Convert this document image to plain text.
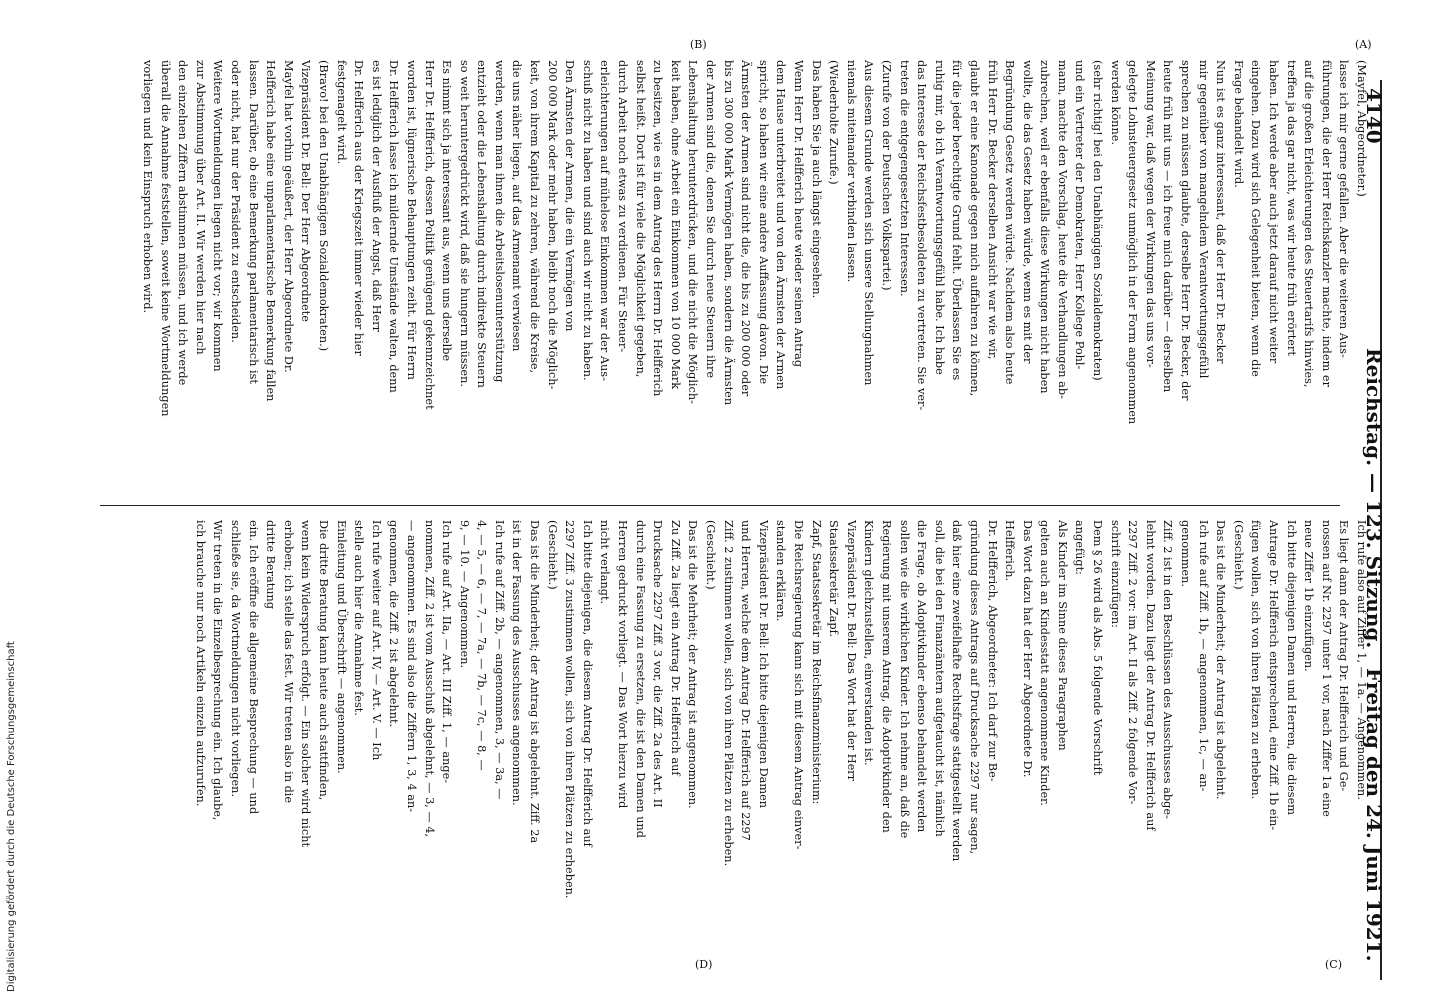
4140
Reichstag. — 123. Sitzung.
Freitag den 24. Juni 1921.

(Mayfel, Abgeordneter.)

lasse ich mir gerne gefallen. Aber die weiteren Aus-

führungen, die der Herr Reichskanzler machte, indem er

auf die großen Erleichterungen des Steuertarifs hinwies,

treffen ja das gar nicht, was wir heute früh erörtert

haben. Ich werde aber auch jetzt darauf nicht weiter

eingehen. Dazu wird sich Gelegenheit bieten, wenn die

Frage behandelt wird.

Nun ist es ganz interessant, daß der Herr Dr. Becker

mir gegenüber von mangelndem Verantwortungsgefühl

sprechen zu müssen glaubte, derselbe Herr Dr. Becker, der

heute früh mit uns — ich freue mich darüber — derselben

Meinung war, daß wegen der Wirkungen das uns vor-

gelegte Lohnsteuergesetz unmöglich in der Form angenommen

werden könne.

(sehr richtig! bei den Unabhängigen Sozialdemokraten)

und ein Vertreter der Demokraten, Herr Kollege Pohl-

mann, machte den Vorschlag, heute die Verhandlungen ab-

zubrechen, weil er ebenfalls diese Wirkungen nicht haben

wollte, die das Gesetz haben würde, wenn es mit der

Begründung Gesetz werden würde. Nachdem also heute

früh Herr Dr. Becker derselben Ansicht war wie wir,

glaubt er eine Kanonade gegen mich auffahren zu können,

für die jeder berechtigte Grund fehlt. Überlassen Sie es

ruhig mir, ob ich Verantwortungsgefühl habe. Ich habe

das Interesse der Reichsfestbesoldeten zu vertreten. Sie ver-

treten die entgegengesetzten Interessen.

(Zurufe von der Deutschen Volkspartei.)

Aus diesem Grunde werden sich unsere Stellungnahmen

niemals miteinander verbinden lassen.

(Wiederholte Zurufe.)

Das haben Sie ja auch längst eingesehen.

Wenn Herr Dr. Helfferich heute wieder seinen Antrag

dem Hause unterbreitet und von den Ärmsten der Armen

spricht, so haben wir eine andere Auffassung davon. Die

Ärmsten der Armen sind nicht die, die bis zu 200 000 oder

bis zu 300 000 Mark Vermögen haben, sondern die Ärmsten

der Armen sind die, denen Sie durch neue Steuern ihre

Lebenshaltung herunterdrücken, und die nicht die Möglich-

keit haben, ohne Arbeit ein Einkommen von 10 000 Mark

zu besitzen, wie es in dem Antrag des Herrn Dr. Helfferich

selbst heißt. Dort ist für viele die Möglichkeit gegeben,

durch Arbeit noch etwas zu verdienen. Für Steuer-

erleichterungen auf mühelose Einkommen war der Aus-

schuß nicht zu haben und sind auch wir nicht zu haben.

Den Ärmsten der Armen, die ein Vermögen von

200 000 Mark oder mehr haben, bleibt noch die Möglich-

keit, von ihrem Kapital zu zehren, während die Kreise,

die uns näher liegen, auf das Armenamt verwiesen

werden, wenn man ihnen die Arbeitslosenunterstützung

entzieht oder die Lebenshaltung durch indirekte Steuern

so weit heruntergedrückt wird, daß sie hungern müssen.

Es nimmt sich ja interessant aus, wenn uns derselbe

Herr Dr. Helfferich, dessen Politik genügend gekennzeichnet

worden ist, lügnerische Behauptungen zeiht. Für Herrn

Dr. Helfferich lasse ich mildernde Umstände walten, denn

es ist lediglich der Ausfluß der Angst, daß Herr

Dr. Helfferich aus der Kriegszeit immer wieder hier

festgenagelt wird.

(Bravo! bei den Unabhängigen Sozialdemokraten.)

Vizepräsident Dr. Bell: Der Herr Abgeordnete

Mayfel hat vorhin geäußert, der Herr Abgeordnete Dr.

Helfferich habe eine unparlamentarische Bemerkung fallen

lassen. Darüber, ob eine Bemerkung parlamentarisch ist

oder nicht, hat nur der Präsident zu entscheiden.

Weitere Wortmeldungen liegen nicht vor; wir kommen

zur Abstimmung über Art. II. Wir werden hier nach

den einzelnen Ziffern abstimmen müssen, und ich werde

überall die Annahme feststellen, soweit keine Wortmeldungen

vorliegen und kein Einspruch erhoben wird.

Ich rufe also auf Ziffer 1, — 1a. — Angenommen.

Es liegt dann der Antrag Dr. Helfferich und Ge-

nossen auf Nr. 2297 unter 1 vor, nach Ziffer 1a eine

neue Ziffer 1b einzufügen.

Ich bitte diejenigen Damen und Herren, die diesem

Antrage Dr. Helfferich entsprechend, eine Ziff. 1b ein-

fügen wollen, sich von ihren Plätzen zu erheben.

(Geschieht.)

Das ist die Minderheit; der Antrag ist abgelehnt.

Ich rufe auf Ziff. 1b, — angenommen, 1c, — an-

genommen.

Ziff. 2 ist in den Beschlüssen des Ausschusses abge-

lehnt worden. Dazu liegt der Antrag Dr. Helfferich auf

2297 Ziff. 2 vor: im Art. II als Ziff. 2 folgende Vor-

schrift einzufügen:

Dem § 26 wird als Abs. 5 folgende Vorschrift

angefügt:

Als Kinder im Sinne dieses Paragraphen

gelten auch an Kindesstatt angenommene Kinder.

Das Wort dazu hat der Herr Abgeordnete Dr.

Helfferich.

Dr. Helfferich, Abgeordneter: Ich darf zur Be-

gründung dieses Antrags auf Drucksache 2297 nur sagen,

daß hier eine zweifelhafte Rechtsfrage stattgestellt werden

soll, die bei den Finanzämtern aufgetaucht ist, nämlich

die Frage, ob Adoptivkinder ebenso behandelt werden

sollen wie die wirklichen Kinder. Ich nehme an, daß die

Regierung mit unserem Antrag, die Adoptivkinder den

Kindern gleichzustellen, einverstanden ist.

Vizepräsident Dr. Bell: Das Wort hat der Herr

Staatssekretär Zapf.

Zapf, Staatssekretär im Reichsfinanzministerium:

Die Reichsregierung kann sich mit diesem Antrag einver-

standen erklären.

Vizepräsident Dr. Bell: Ich bitte diejenigen Damen

und Herren, welche dem Antrag Dr. Helfferich auf 2297

Ziff. 2 zustimmen wollen, sich von ihren Plätzen zu erheben.

(Geschieht.)

Das ist die Mehrheit; der Antrag ist angenommen.

Zu Ziff. 2a liegt ein Antrag Dr. Helfferich auf

Drucksache 2297 Ziff. 3 vor, die Ziff. 2a des Art. II

durch eine Fassung zu ersetzen, die ist den Damen und

Herren gedruckt vorliegt. — Das Wort hierzu wird

nicht verlangt.

Ich bitte diejenigen, die diesem Antrag Dr. Helfferich auf

2297 Ziff. 3 zustimmen wollen, sich von ihren Plätzen zu erheben.

(Geschieht.)

Das ist die Minderheit; der Antrag ist abgelehnt. Ziff. 2a

ist in der Fassung des Ausschusses angenommen.

Ich rufe auf Ziff. 2b, — angenommen, 3, — 3a, —

4, — 5, — 6, — 7, — 7a, — 7b, — 7c, — 8, —

9, — 10. — Angenommen.

Ich rufe auf Art. IIa, — Art. III Ziff. 1, — ange-

nommen, Ziff. 2 ist vom Ausschuß abgelehnt, — 3, — 4,

— angenommen. Es sind also die Ziffern 1, 3, 4 an-

genommen, die Ziff. 2 ist abgelehnt.

Ich rufe weiter auf Art. IV, — Art. V. — Ich

stelle auch hier die Annahme fest.

Einleitung und Überschrift — angenommen.

Die dritte Beratung kann heute auch stattfinden,

wenn kein Widerspruch erfolgt. — Ein solcher wird nicht

erhoben; ich stelle das fest. Wir treten also in die

dritte Beratung

ein. Ich eröffne die allgemeine Besprechung — und

schließe sie, da Wortmeldungen nicht vorliegen.

Wir treten in die Einzelbesprechung ein. Ich glaube,

ich brauche nur noch Artikeln einzeln aufzurufen.

(A)
(B)
(C)
(D)
Digitalisierung gefördert durch die Deutsche Forschungsgemeinschaft
